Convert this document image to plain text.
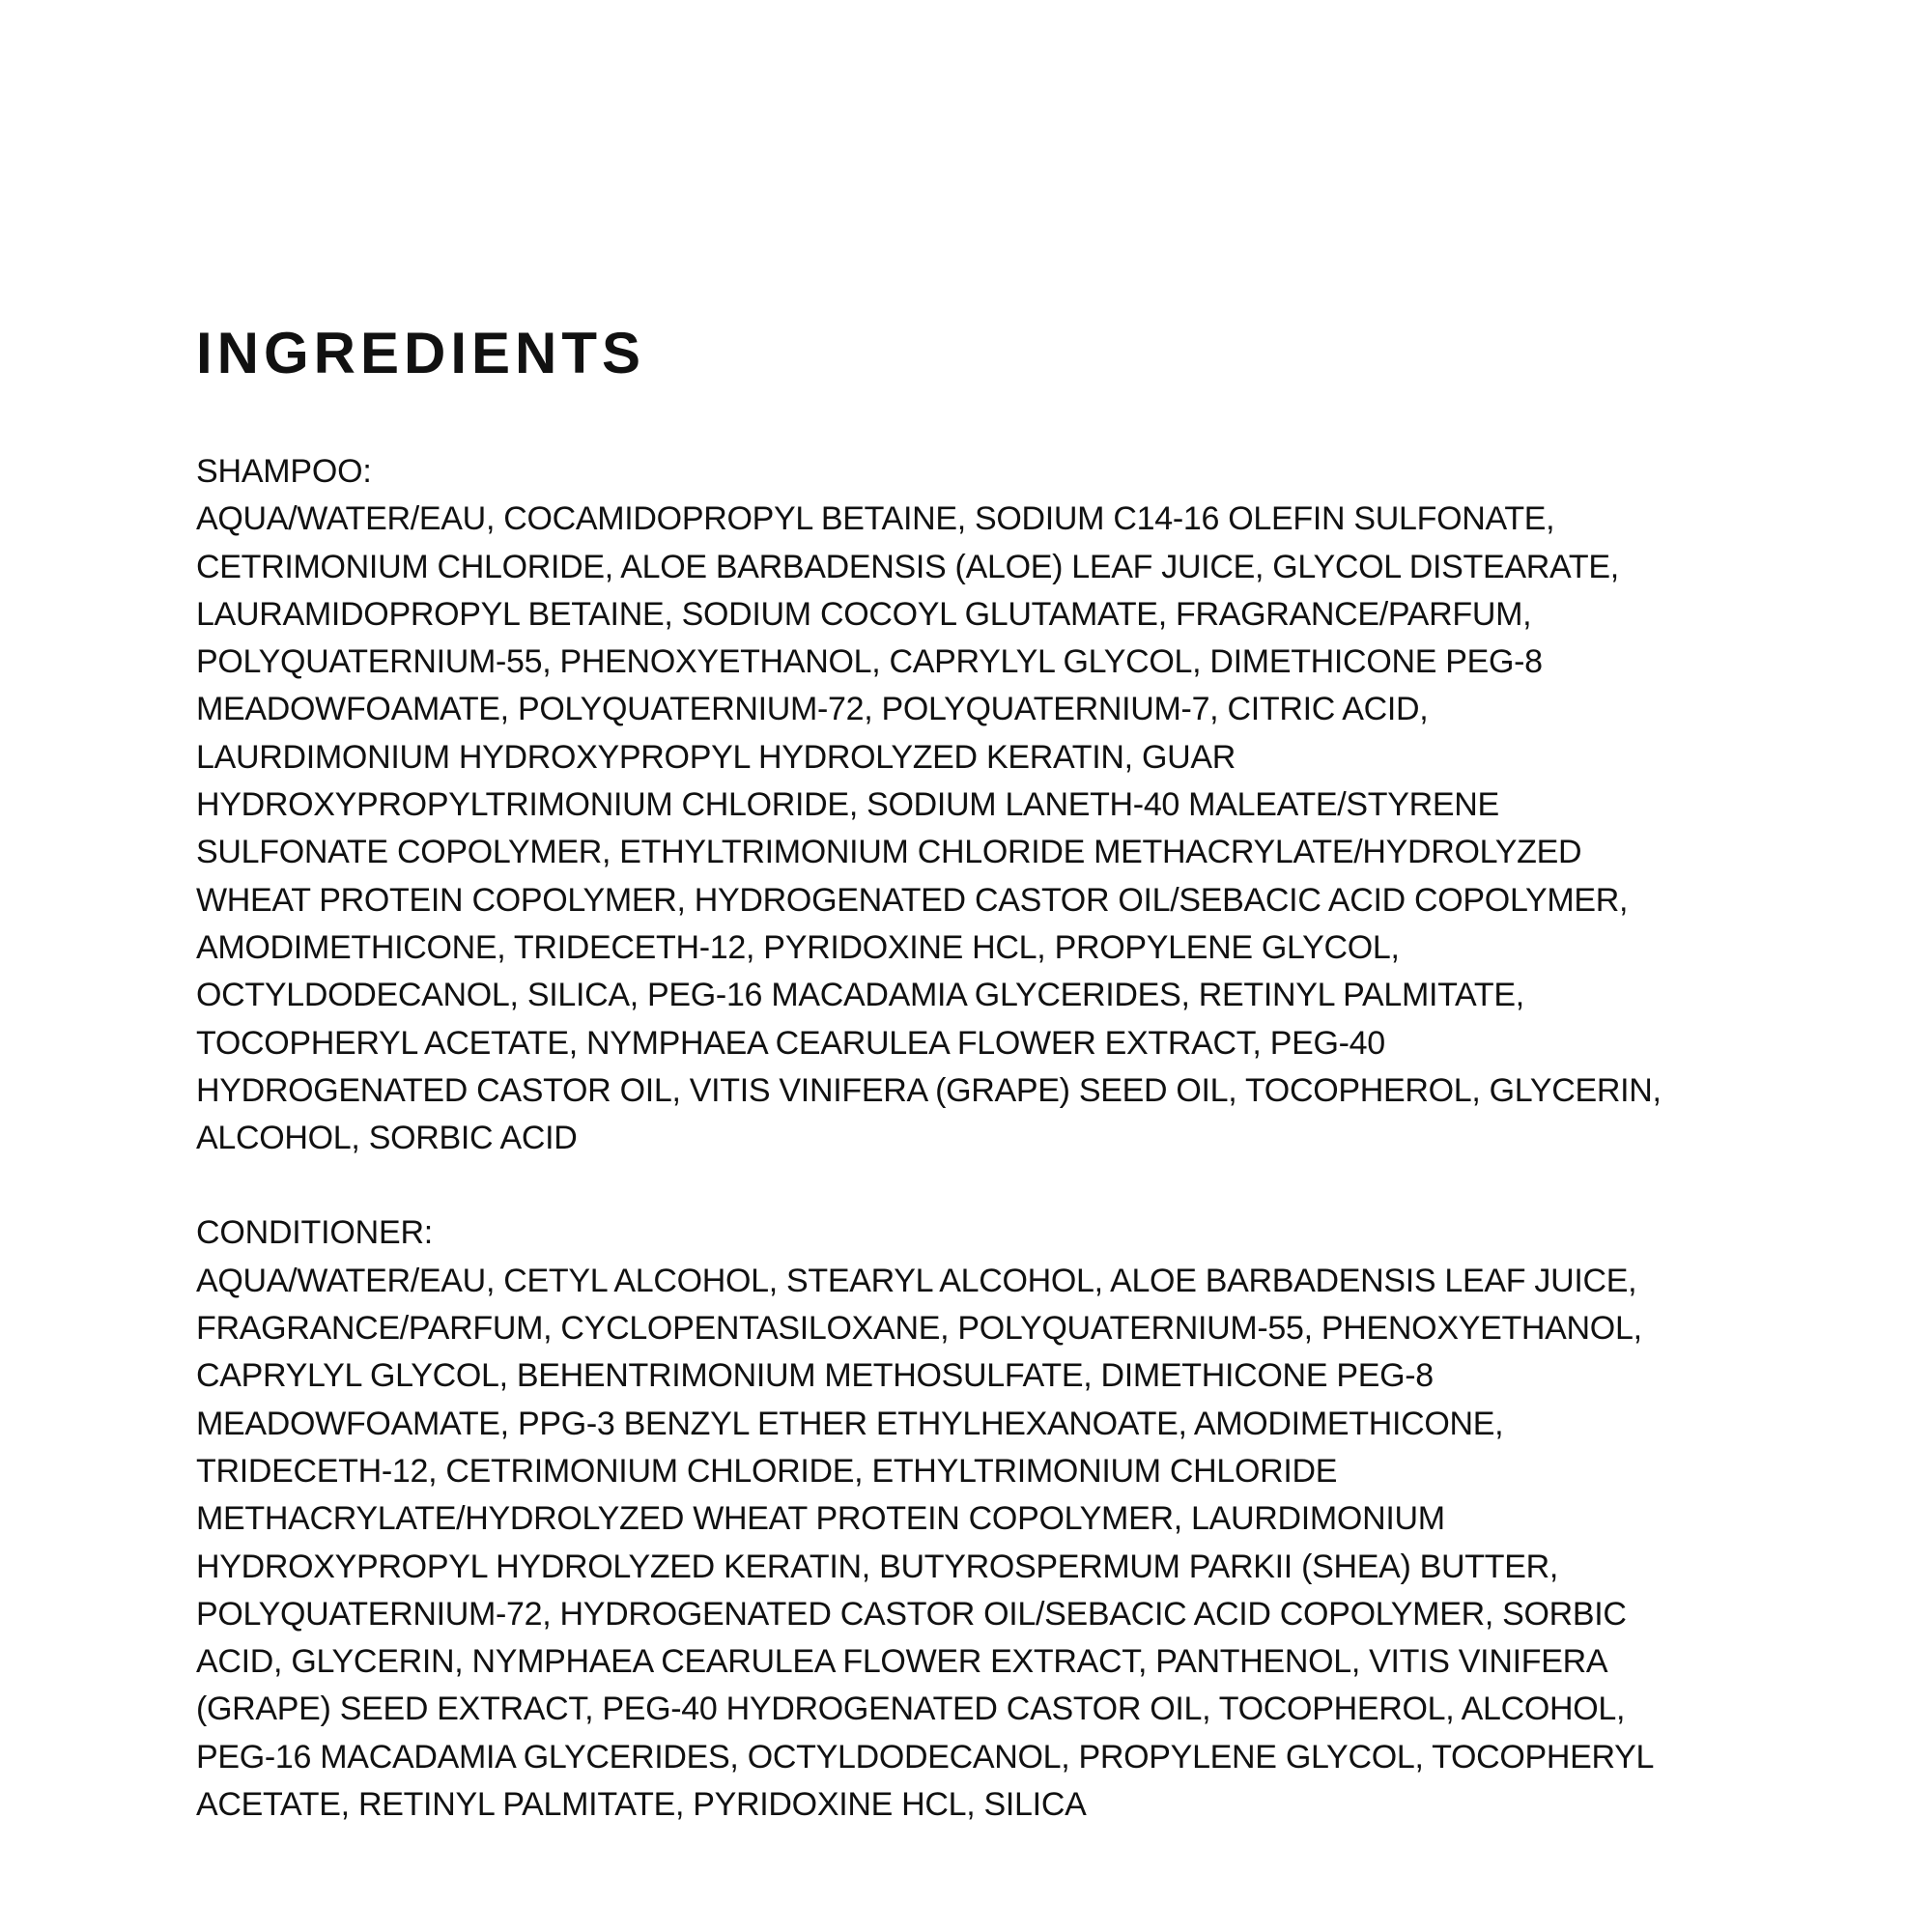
INGREDIENTS

SHAMPOO:

AQUA/WATER/EAU, COCAMIDOPROPYL BETAINE, SODIUM C14-16 OLEFIN SULFONATE,
CETRIMONIUM CHLORIDE, ALOE BARBADENSIS (ALOE) LEAF JUICE, GLYCOL DISTEARATE,
LAURAMIDOPROPYL BETAINE, SODIUM COCOYL GLUTAMATE, FRAGRANCE/PARFUM,
POLYQUATERNIUM-55, PHENOXYETHANOL, CAPRYLYL GLYCOL, DIMETHICONE PEG-8
MEADOWFOAMATE, POLYQUATERNIUM-72, POLYQUATERNIUM-7, CITRIC ACID,
LAURDIMONIUM HYDROXYPROPYL HYDROLYZED KERATIN, GUAR
HYDROXYPROPYLTRIMONIUM CHLORIDE, SODIUM LANETH-40 MALEATE/STYRENE
SULFONATE COPOLYMER, ETHYLTRIMONIUM CHLORIDE METHACRYLATE/HYDROLYZED
WHEAT PROTEIN COPOLYMER, HYDROGENATED CASTOR OIL/SEBACIC ACID COPOLYMER,
AMODIMETHICONE, TRIDECETH-12, PYRIDOXINE HCL, PROPYLENE GLYCOL,
OCTYLDODECANOL, SILICA, PEG-16 MACADAMIA GLYCERIDES, RETINYL PALMITATE,
TOCOPHERYL ACETATE, NYMPHAEA CEARULEA FLOWER EXTRACT, PEG-40
HYDROGENATED CASTOR OIL, VITIS VINIFERA (GRAPE) SEED OIL, TOCOPHEROL, GLYCERIN,
ALCOHOL, SORBIC ACID

CONDITIONER:

AQUA/WATER/EAU, CETYL ALCOHOL, STEARYL ALCOHOL, ALOE BARBADENSIS LEAF JUICE,
FRAGRANCE/PARFUM, CYCLOPENTASILOXANE, POLYQUATERNIUM-55, PHENOXYETHANOL,
CAPRYLYL GLYCOL, BEHENTRIMONIUM METHOSULFATE, DIMETHICONE PEG-8
MEADOWFOAMATE, PPG-3 BENZYL ETHER ETHYLHEXANOATE, AMODIMETHICONE,
TRIDECETH-12, CETRIMONIUM CHLORIDE, ETHYLTRIMONIUM CHLORIDE
METHACRYLATE/HYDROLYZED WHEAT PROTEIN COPOLYMER, LAURDIMONIUM
HYDROXYPROPYL HYDROLYZED KERATIN, BUTYROSPERMUM PARKII (SHEA) BUTTER,
POLYQUATERNIUM-72, HYDROGENATED CASTOR OIL/SEBACIC ACID COPOLYMER, SORBIC
ACID, GLYCERIN, NYMPHAEA CEARULEA FLOWER EXTRACT, PANTHENOL, VITIS VINIFERA
(GRAPE) SEED EXTRACT, PEG-40 HYDROGENATED CASTOR OIL, TOCOPHEROL, ALCOHOL,
PEG-16 MACADAMIA GLYCERIDES, OCTYLDODECANOL, PROPYLENE GLYCOL, TOCOPHERYL
ACETATE, RETINYL PALMITATE, PYRIDOXINE HCL, SILICA
